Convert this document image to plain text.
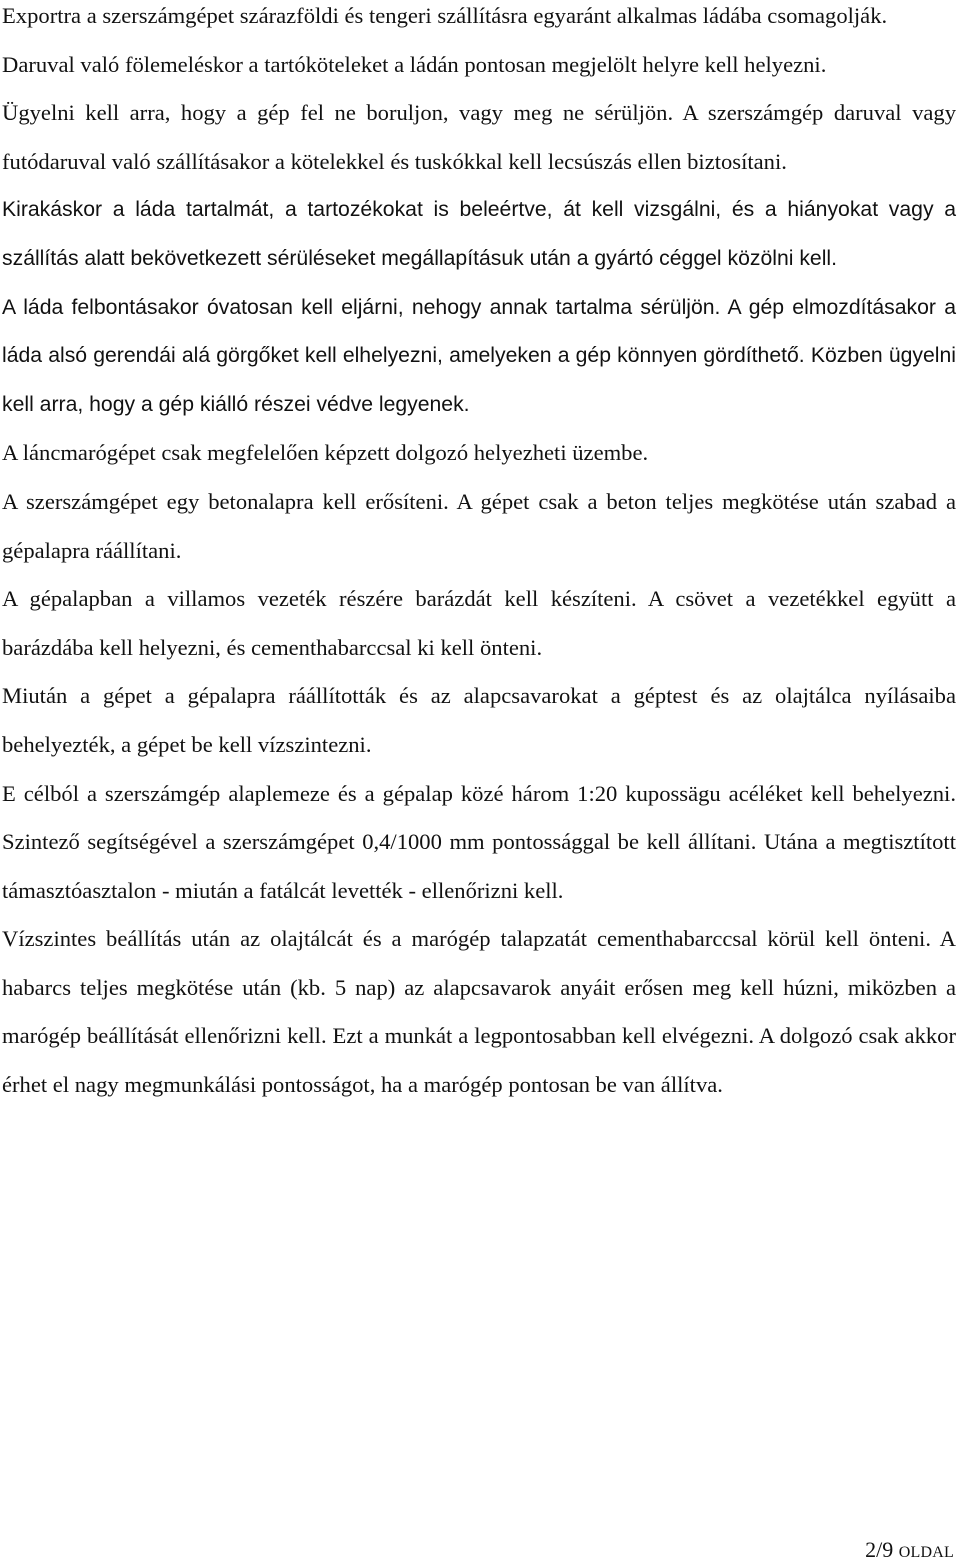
Exportra a szerszámgépet szárazföldi és tengeri szállításra egyaránt alkalmas ládába csomagolják.

Daruval való fölemeléskor a tartóköteleket a ládán pontosan megjelölt helyre kell helyezni.

Ügyelni kell arra, hogy a gép fel ne boruljon, vagy meg ne sérüljön. A szerszámgép daruval vagy futódaruval való szállításakor a kötelekkel és tuskókkal kell lecsúszás ellen biztosítani.

Kirakáskor a láda tartalmát, a tartozékokat is beleértve, át kell vizsgálni, és a hiányokat vagy a szállítás alatt bekövetkezett sérüléseket megállapításuk után a gyártó céggel közölni kell.

A láda felbontásakor óvatosan kell eljárni, nehogy annak tartalma sérüljön. A gép elmozdításakor a láda alsó gerendái alá görgőket kell elhelyezni, amelyeken a gép könnyen gördíthető. Közben ügyelni kell arra, hogy a gép kiálló részei védve legyenek.

A láncmarógépet csak megfelelően képzett dolgozó helyezheti üzembe.

A szerszámgépet egy betonalapra kell erősíteni. A gépet csak a beton teljes megkötése után szabad a gépalapra ráállítani.

A gépalapban a villamos vezeték részére barázdát kell készíteni. A csövet a vezetékkel együtt a barázdába kell helyezni, és cementhabarccsal ki kell önteni.

Miután a gépet a gépalapra ráállították és az alapcsavarokat a géptest és az olajtálca nyílásaiba behelyezték, a gépet be kell vízszintezni.

E célból a szerszámgép alaplemeze és a gépalap közé három 1:20 kupossägu acéléket kell behelyezni. Szintező segítségével a szerszámgépet 0,4/1000 mm pontossággal be kell állítani. Utána a megtisztított támasztóasztalon - miután a fatálcát levették - ellenőrizni kell.

Vízszintes beállítás után az olajtálcát és a marógép talapzatát cementhabarccsal körül kell önteni. A habarcs teljes megkötése után (kb. 5 nap) az alapcsavarok anyáit erősen meg kell húzni, miközben a marógép beállítását ellenőrizni kell. Ezt a munkát a legpontosabban kell elvégezni. A dolgozó csak akkor érhet el nagy megmunkálási pontosságot, ha a marógép pontosan be van állítva.

2/9 OLDAL
